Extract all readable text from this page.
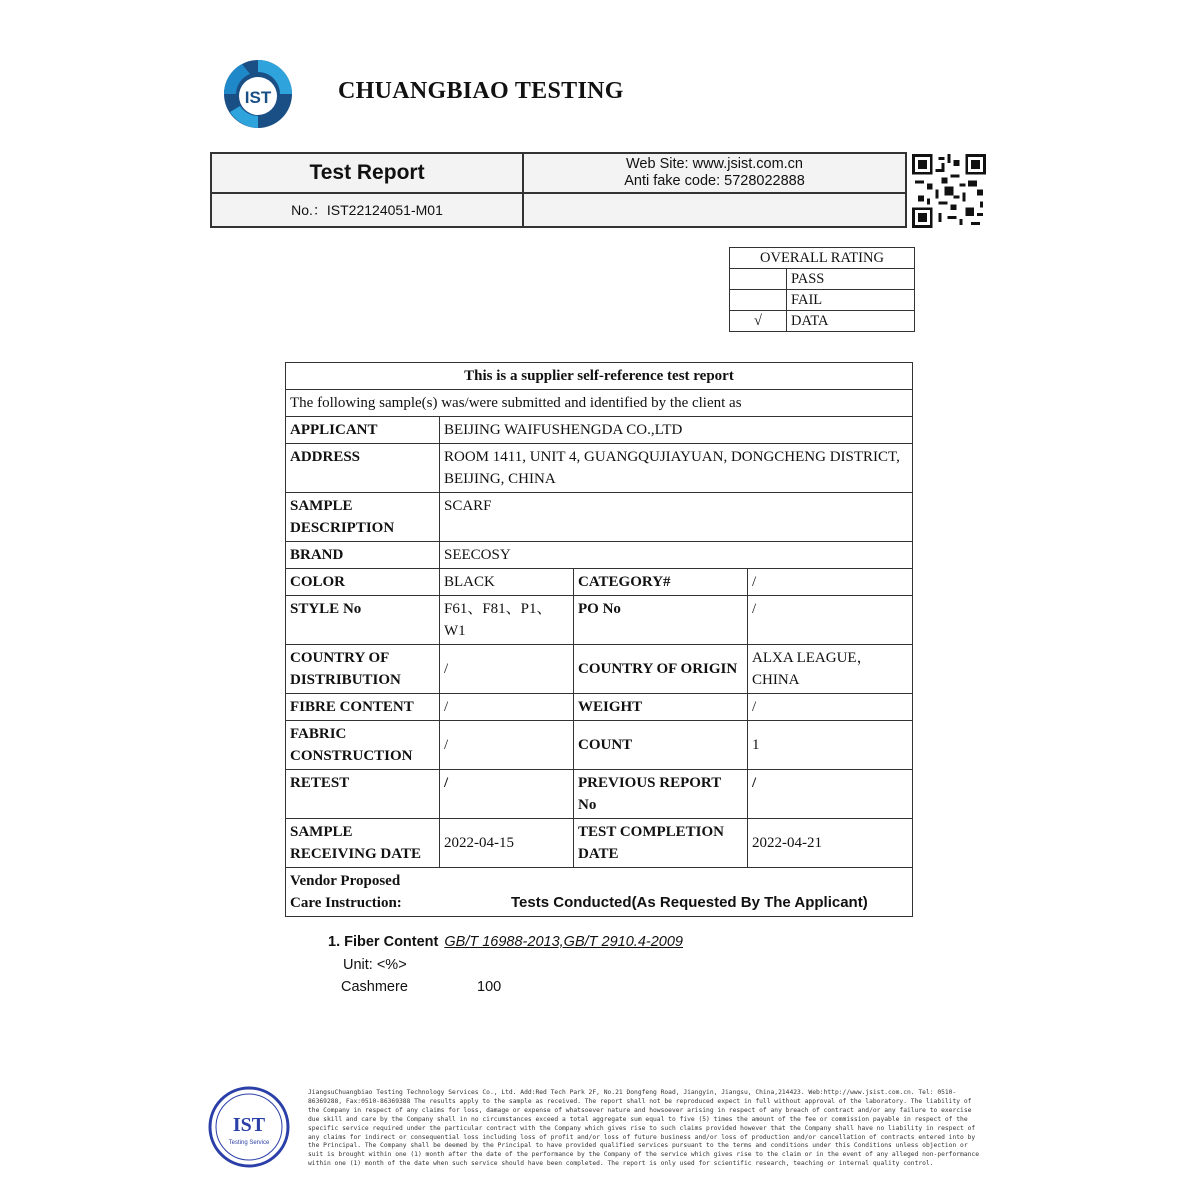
IST	CHUANGBIAO TESTING
Test Report	Web Site: www.jsist.com.cn
Anti fake code: 5728022888

No.：IST22124051-M01	
OVERALL RATING	
	PASS
	FAIL
√	DATA
This is a supplier self-reference test report			
The following sample(s) was/were submitted and identified by the client as			
APPLICANT	BEIJING WAIFUSHENGDA CO.,LTD		
ADDRESS	ROOM 1411, UNIT 4, GUANGQUJIAYUAN, DONGCHENG DISTRICT, BEIJING, CHINA		
SAMPLE DESCRIPTION	SCARF		
BRAND	SEECOSY		
COLOR	BLACK	CATEGORY#	/
STYLE No	F61、F81、P1、W1	PO No	/
COUNTRY OF DISTRIBUTION	/	COUNTRY OF ORIGIN	ALXA LEAGUE，CHINA
FIBRE CONTENT	/	WEIGHT	/
FABRIC CONSTRUCTION	/	COUNT	1
RETEST	/	PREVIOUS REPORT No	/
SAMPLE RECEIVING DATE	2022-04-15	TEST COMPLETION DATE	2022-04-21

Vendor Proposed Care Instruction:				Tests Conducted(As Requested By The Applicant)
1. Fiber Content GB/T 16988-2013,GB/T 2910.4-2009
Unit: <%>
Cashmere	100
IST
Testing Service
JiangsuChuangbiao Testing Technology Services Co., Ltd. Add:Red Tech Park 2F, No.21 Dongfeng Road, Jiangyin, Jiangsu, China,214423. Web:http://www.jsist.com.cn. Tel: 0510-86369288, Fax:0510-86369388 The results apply to the sample as received. The report shall not be reproduced expect in full without approval of the laboratory. The liability of the Company in respect of any claims for loss, damage or expense of whatsoever nature and howsoever arising in respect of any breach of contract and/or any failure to exercise due skill and care by the Company shall in no circumstances exceed a total aggregate sum equal to five (5) times the amount of the fee or commission payable in respect of the specific service required under the particular contract with the Company which gives rise to such claims provided however that the Company shall have no liability in respect of any claims for indirect or consequential loss including loss of profit and/or loss of future business and/or loss of production and/or cancellation of contracts entered into by the Principal. The Company shall be deemed by the Principal to have provided qualified services pursuant to the terms and conditions under this Conditions unless objection or suit is brought within one (1) month after the date of the performance by the Company of the service which gives rise to the claim or in the event of any alleged non-performance within one (1) month of the date when such service should have been completed. The report is only used for scientific research, teaching or internal quality control.
